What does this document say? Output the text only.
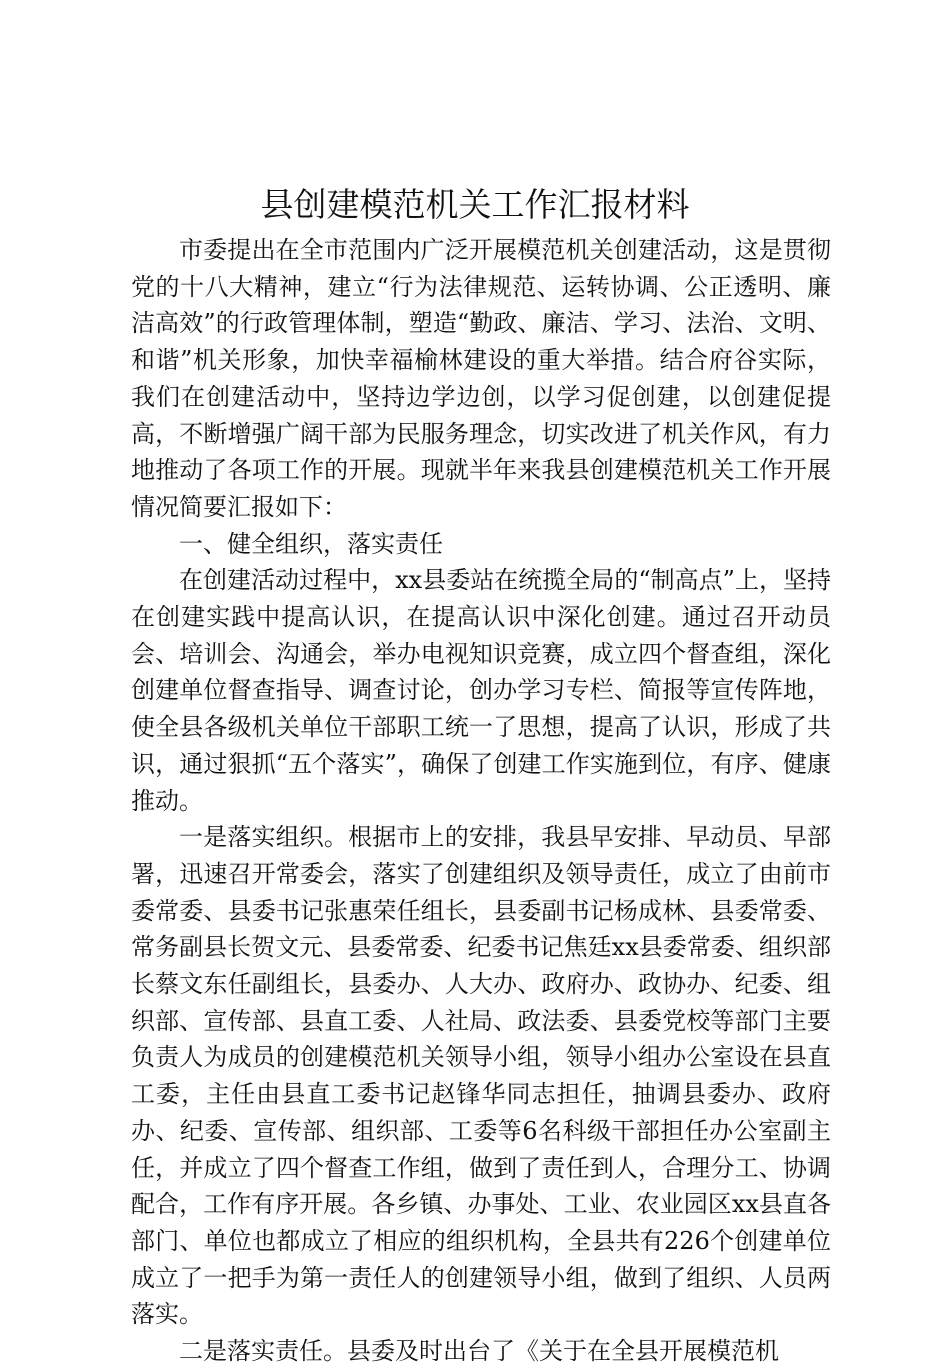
县创建模范机关工作汇报材料

市委提出在全市范围内广泛开展模范机关创建活动，这是贯彻党的十八大精神，建立“行为法律规范、运转协调、公正透明、廉洁高效”的行政管理体制，塑造“勤政、廉洁、学习、法治、文明、和谐”机关形象，加快幸福榆林建设的重大举措。结合府谷实际，我们在创建活动中，坚持边学边创，以学习促创建，以创建促提高，不断增强广阔干部为民服务理念，切实改进了机关作风，有力地推动了各项工作的开展。现就半年来我县创建模范机关工作开展情况简要汇报如下：

一、健全组织，落实责任

在创建活动过程中，xx县委站在统揽全局的“制高点”上，坚持在创建实践中提高认识，在提高认识中深化创建。通过召开动员会、培训会、沟通会，举办电视知识竞赛，成立四个督查组，深化创建单位督查指导、调查讨论，创办学习专栏、简报等宣传阵地，使全县各级机关单位干部职工统一了思想，提高了认识，形成了共识，通过狠抓“五个落实”，确保了创建工作实施到位，有序、健康推动。

一是落实组织。根据市上的安排，我县早安排、早动员、早部署，迅速召开常委会，落实了创建组织及领导责任，成立了由前市委常委、县委书记张惠荣任组长，县委副书记杨成林、县委常委、常务副县长贺文元、县委常委、纪委书记焦廷xx县委常委、组织部长蔡文东任副组长，县委办、人大办、政府办、政协办、纪委、组织部、宣传部、县直工委、人社局、政法委、县委党校等部门主要负责人为成员的创建模范机关领导小组，领导小组办公室设在县直工委，主任由县直工委书记赵锋华同志担任，抽调县委办、政府办、纪委、宣传部、组织部、工委等6名科级干部担任办公室副主任，并成立了四个督查工作组，做到了责任到人，合理分工、协调配合，工作有序开展。各乡镇、办事处、工业、农业园区xx县直各部门、单位也都成立了相应的组织机构，全县共有226个创建单位成立了一把手为第一责任人的创建领导小组，做到了组织、人员两落实。

二是落实责任。县委及时出台了《关于在全县开展模范机
